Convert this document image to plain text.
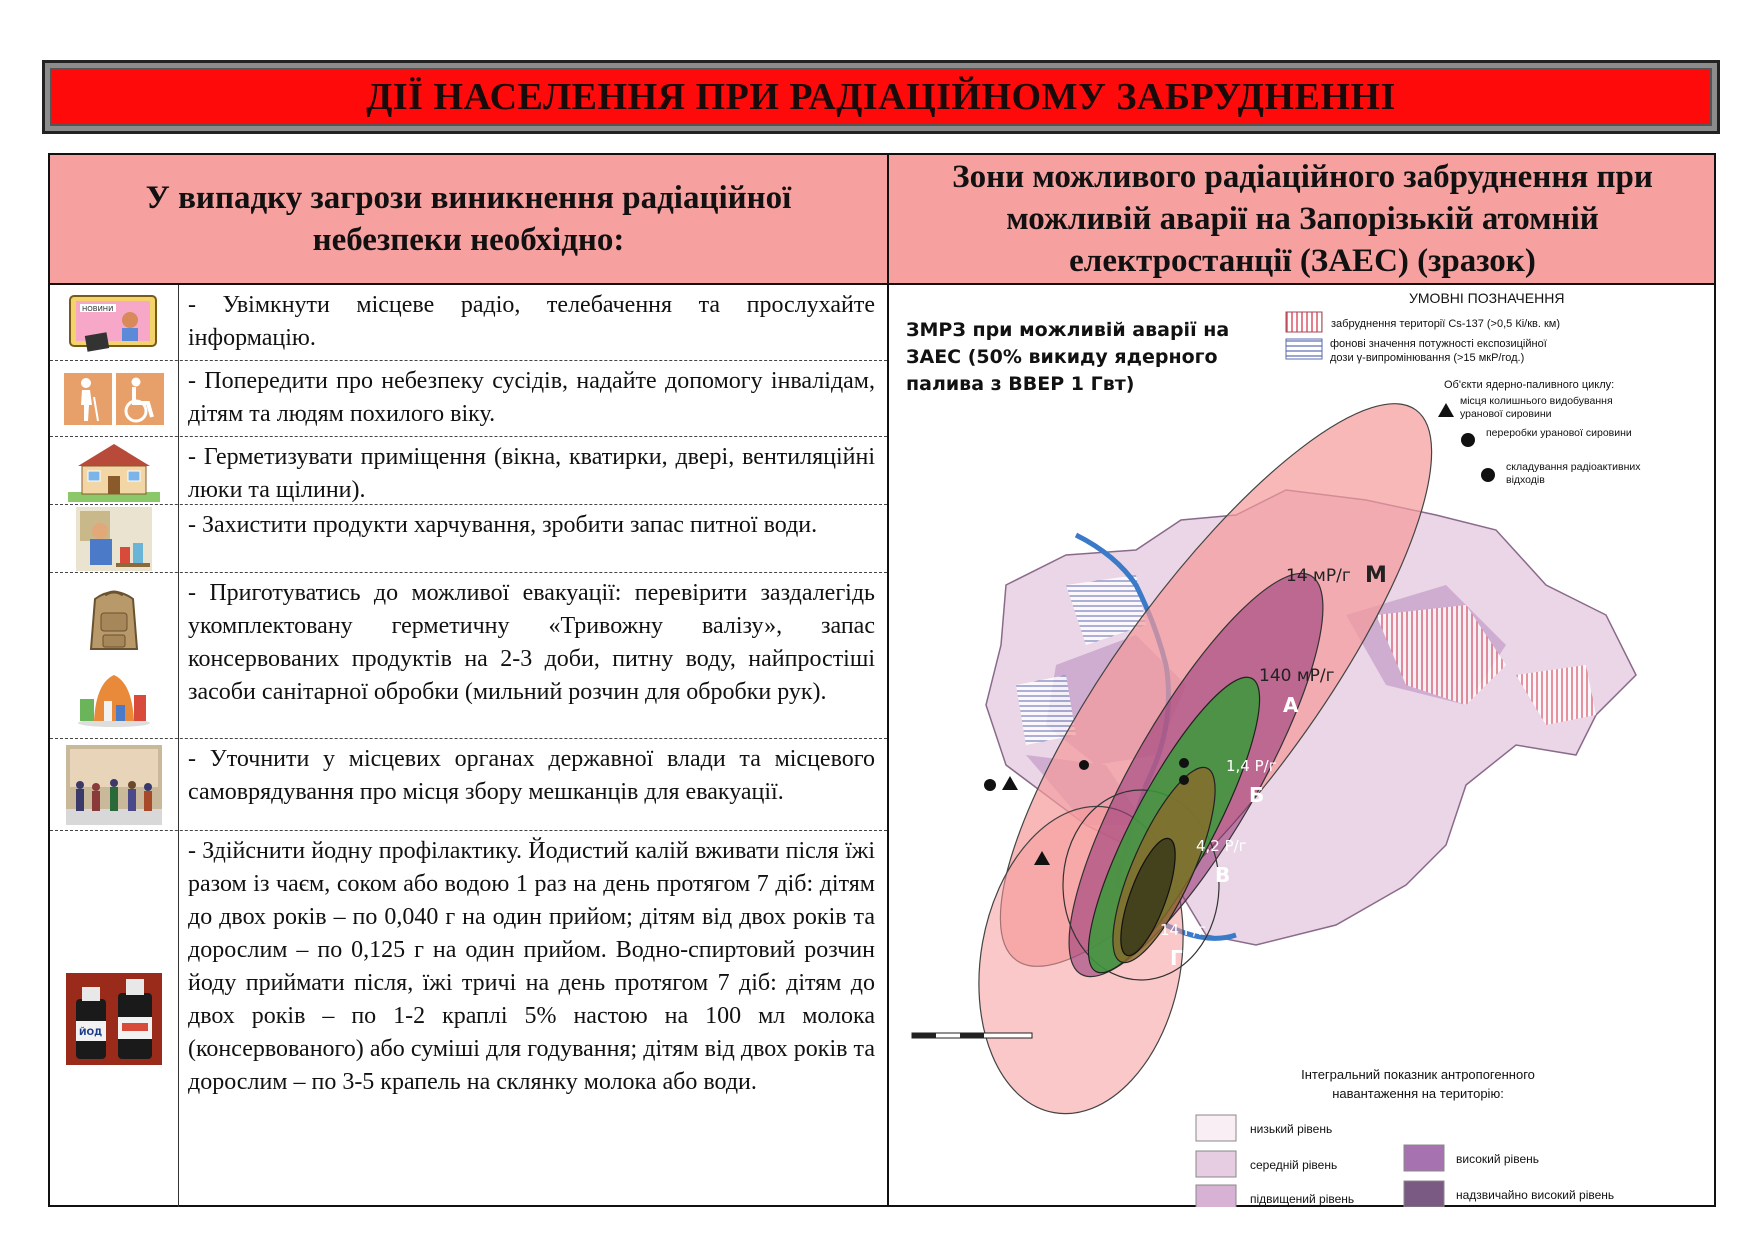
ДІЇ НАСЕЛЕННЯ ПРИ РАДІАЦІЙНОМУ ЗАБРУДНЕННІ
У випадку загрози виникнення радіаційної небезпеки необхідно:
Зони можливого радіаційного забруднення при можливій аварії на Запорізькій атомній електростанції (ЗАЕС) (зразок)
НОВИНИ	- Увімкнути місцеве радіо, телебачення та прослухайте інформацію.
- Попередити про небезпеку сусідів, надайте допомогу інвалідам, дітям та людям похилого віку.
- Герметизувати приміщення (вікна, кватирки, двері, вентиляційні люки та щілини).
- Захистити продукти харчування, зробити запас питної води.
- Приготуватись до можливої евакуації: перевірити заздалегідь укомплектовану герметичну «Тривожну валізу», запас консервованих продуктів на 2-3 доби, питну воду, найпростіші засоби санітарної обробки (мильний розчин для обробки рук).
- Уточнити у місцевих органах державної влади та місцевого самоврядування про місця збору мешканців для евакуації.
ЙОД
- Здійснити йодну профілактику. Йодистий калій вживати після їжі разом із чаєм, соком або водою 1 раз на день протягом 7 діб: дітям до двох років – по 0,040 г на один прийом; дітям від двох років та дорослим – по 0,125 г на один прийом. Водно-спиртовий розчин йоду приймати після, їжі тричі на день протягом 7 діб: дітям до двох років – по 1-2 краплі 5% настою на 100 мл молока (консервованого) або суміші для годування; дітям від двох років та дорослим – по 3-5 крапель на склянку молока або води.
14 мР/г М
140 мР/г
А
1,4 Р/г
Б
4,2 Р/г
В
14 Р/г
Г
ЗМРЗ при можливій аварії на ЗАЕС (50% викиду ядерного палива з ВВЕР 1 Гвт)
УМОВНІ ПОЗНАЧЕННЯ
забруднення території Cs-137 (>0,5 Кі/кв. км)
фонові значення потужності експозиційної дози γ-випромінювання (>15 мкР/год.)
Об'єкти ядерно-паливного циклу:
місця колишнього видобування уранової сировини
переробки уранової сировини
складування радіоактивних відходів
Інтегральний показник антропогенного навантаження на територію:
низький рівень
середній рівень
підвищений рівень
високий рівень
надзвичайно високий рівень
